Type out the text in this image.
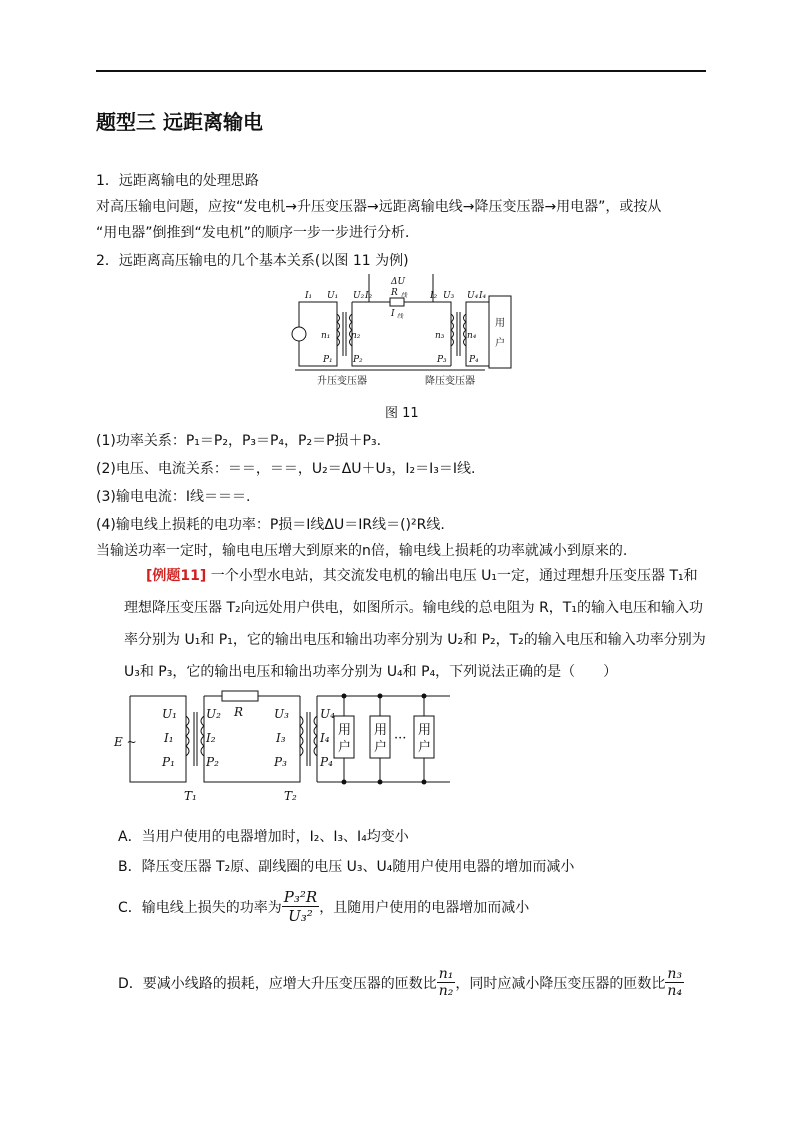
题型三 远距离输电
1．远距离输电的处理思路
对高压输电问题，应按“发电机→升压变压器→远距离输电线→降压变压器→用电器”，或按从
“用电器”倒推到“发电机”的顺序一步一步进行分析．
2．远距离高压输电的几个基本关系(以图 11 为例)
I₁ U₁ U₂ I₂
ΔU
R 线
I 线
I₂ U₃ U₄ I₄
n₁ n₂	n₃	n₄
P₁ P₂	P₃ P₄
用
户
升压变压器	降压变压器
图 11
(1)功率关系：P₁＝P₂，P₃＝P₄，P₂＝P损＋P₃.
(2)电压、电流关系：＝＝，＝＝，U₂＝ΔU＋U₃，I₂＝I₃＝I线.
(3)输电电流：I线＝＝＝.
(4)输电线上损耗的电功率：P损＝I线ΔU＝IR线＝()²R线.
当输送功率一定时，输电电压增大到原来的n倍，输电线上损耗的功率就减小到原来的.
[例题11] 一个小型水电站，其交流发电机的输出电压 U₁一定，通过理想升压变压器 T₁和
理想降压变压器 T₂向远处用户供电，如图所示。输电线的总电阻为 R，T₁的输入电压和输入功
率分别为 U₁和 P₁，它的输出电压和输出功率分别为 U₂和 P₂，T₂的输入电压和输入功率分别为
U₃和 P₃，它的输出电压和输出功率分别为 U₄和 P₄，下列说法正确的是（　　）
E ~
R
U₁
I₁
P₁
U₂
I₂
P₂
U₃
I₃
P₃
U₄
I₄
P₄
T₁	T₂
用
户
用
户
···
用
户
A．当用户使用的电器增加时，I₂、I₃、I₄均变小
B．降压变压器 T₂原、副线圈的电压 U₃、U₄随用户使用电器的增加而减小
C．输电线上损失的功率为 $\frac{\text{P₃²R}}{\text{U₃²}}$ ，且随用户使用的电器增加而减小
D．要减小线路的损耗，应增大升压变压器的匝数比 $\frac{\text{n₁}}{\text{n₂}}$ ，同时应减小降压变压器的匝数比 $\frac{\text{n₃}}{\text{n₄}}$
